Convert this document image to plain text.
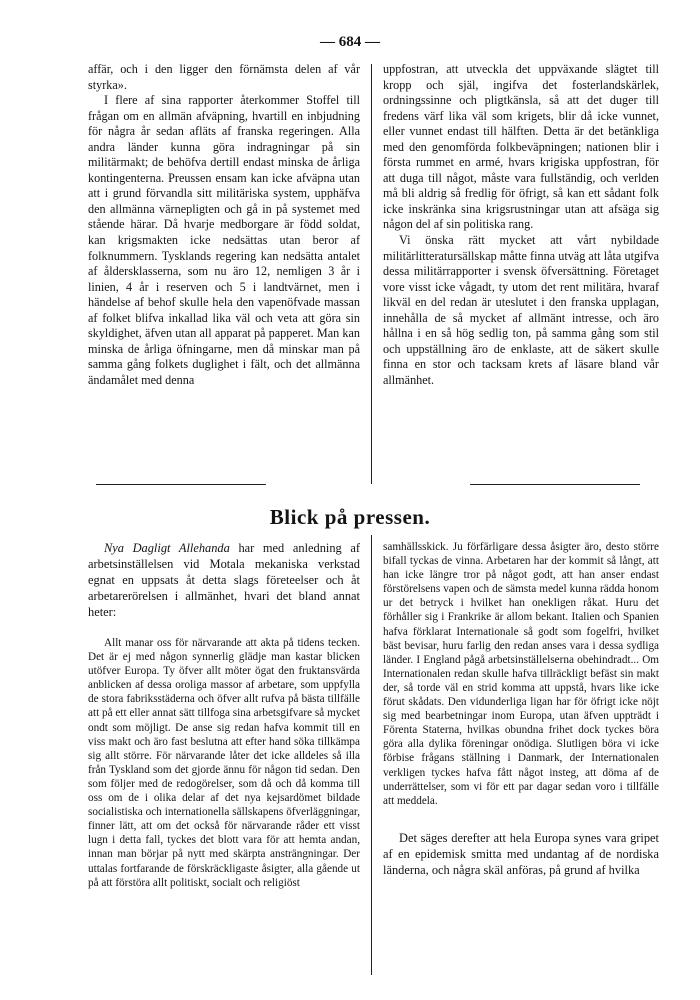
— 684 —

affär, och i den ligger den förnämsta delen af vår styrka».

I flere af sina rapporter återkommer Stoffel till frågan om en allmän afväpning, hvartill en inbjudning för några år sedan afläts af franska regeringen. Alla andra länder kunna göra indragningar på sin militärmakt; de behöfva dertill endast minska de årliga kontingenterna. Preussen ensam kan icke afväpna utan att i grund förvandla sitt militäriska system, upphäfva den allmänna värnepligten och gå in på systemet med stående härar. Då hvarje medborgare är född soldat, kan krigsmakten icke nedsättas utan beror af folknummern. Tysklands regering kan nedsätta antalet af åldersklasserna, som nu äro 12, nemligen 3 år i linien, 4 år i reserven och 5 i landtvärnet, men i händelse af behof skulle hela den vapenöfvade massan af folket blifva inkallad lika väl och veta att göra sin skyldighet, äfven utan all apparat på papperet. Man kan minska de årliga öfningarne, men då minskar man på samma gång folkets duglighet i fält, och det allmänna ändamålet med denna

uppfostran, att utveckla det uppväxande slägtet till kropp och själ, ingifva det fosterlandskärlek, ordningssinne och pligtkänsla, så att det duger till fredens värf lika väl som krigets, blir då icke vunnet, eller vunnet endast till hälften. Detta är det betänkliga med den genomförda folkbeväpningen; nationen blir i första rummet en armé, hvars krigiska uppfostran, för att duga till något, måste vara fullständig, och verlden må bli aldrig så fredlig för öfrigt, så kan ett sådant folk icke inskränka sina krigsrustningar utan att afsäga sig någon del af sin politiska rang.

Vi önska rätt mycket att vårt nybildade militärlitteratursällskap måtte finna utväg att låta utgifva dessa militärrapporter i svensk öfversättning. Företaget vore visst icke vågadt, ty utom det rent militära, hvaraf likväl en del redan är uteslutet i den franska upplagan, innehålla de så mycket af allmänt intresse, och äro hållna i en så hög sedlig ton, på samma gång som stil och uppställning äro de enklaste, att de säkert skulle finna en stor och tacksam krets af läsare bland vår allmänhet.

Blick på pressen.

Nya Dagligt Allehanda har med anledning af arbetsinställelsen vid Motala mekaniska verkstad egnat en uppsats åt detta slags företeelser och åt arbetarerörelsen i allmänhet, hvari det bland annat heter:

Allt manar oss för närvarande att akta på tidens tecken. Det är ej med någon synnerlig glädje man kastar blicken utöfver Europa. Ty öfver allt möter ögat den fruktansvärda anblicken af dessa oroliga massor af arbetare, som uppfylla de stora fabriksstäderna och öfver allt rufva på bästa tillfälle att på ett eller annat sätt tillfoga sina arbetsgifvare så mycket ondt som möjligt. De anse sig redan hafva kommit till en viss makt och äro fast beslutna att efter hand söka tillkämpa sig allt större. För närvarande låter det icke alldeles så illa från Tyskland som det gjorde ännu för någon tid sedan. Den som följer med de redogörelser, som då och då komma till oss om de i olika delar af det nya kejsardömet bildade socialistiska och internationella sällskapens öfverläggningar, finner lätt, att om det också för närvarande råder ett visst lugn i detta fall, tyckes det blott vara för att hemta andan, innan man börjar på nytt med skärpta ansträngningar. Der uttalas fortfarande de förskräckligaste åsigter, alla gående ut på att förstöra allt politiskt, socialt och religiöst

samhällsskick. Ju förfärligare dessa åsigter äro, desto större bifall tyckas de vinna. Arbetaren har der kommit så långt, att han icke längre tror på något godt, att han anser endast förstörelsens vapen och de sämsta medel kunna rädda honom ur det betryck i hvilket han onekligen råkat. Huru det förhåller sig i Frankrike är allom bekant. Italien och Spanien hafva förklarat Internationale så godt som fogelfri, hvilket bäst bevisar, huru farlig den redan anses vara i dessa sydliga länder. I England pågå arbetsinställelserna obehindradt... Om Internationalen redan skulle hafva tillräckligt befäst sin makt der, så torde väl en strid komma att uppstå, hvars like icke förut skådats. Den vidunderliga ligan har för öfrigt icke nöjt sig med bearbetningar inom Europa, utan äfven uppträdt i Förenta Staterna, hvilkas obundna frihet dock tyckes böra göra alla dylika föreningar onödiga. Slutligen böra vi icke förbise frågans ställning i Danmark, der Internationalen verkligen tyckes hafva fått något insteg, att döma af de underrättelser, som vi för ett par dagar sedan voro i tillfälle att meddela.

Det säges derefter att hela Europa synes vara gripet af en epidemisk smitta med undantag af de nordiska länderna, och några skäl anföras, på grund af hvilka
